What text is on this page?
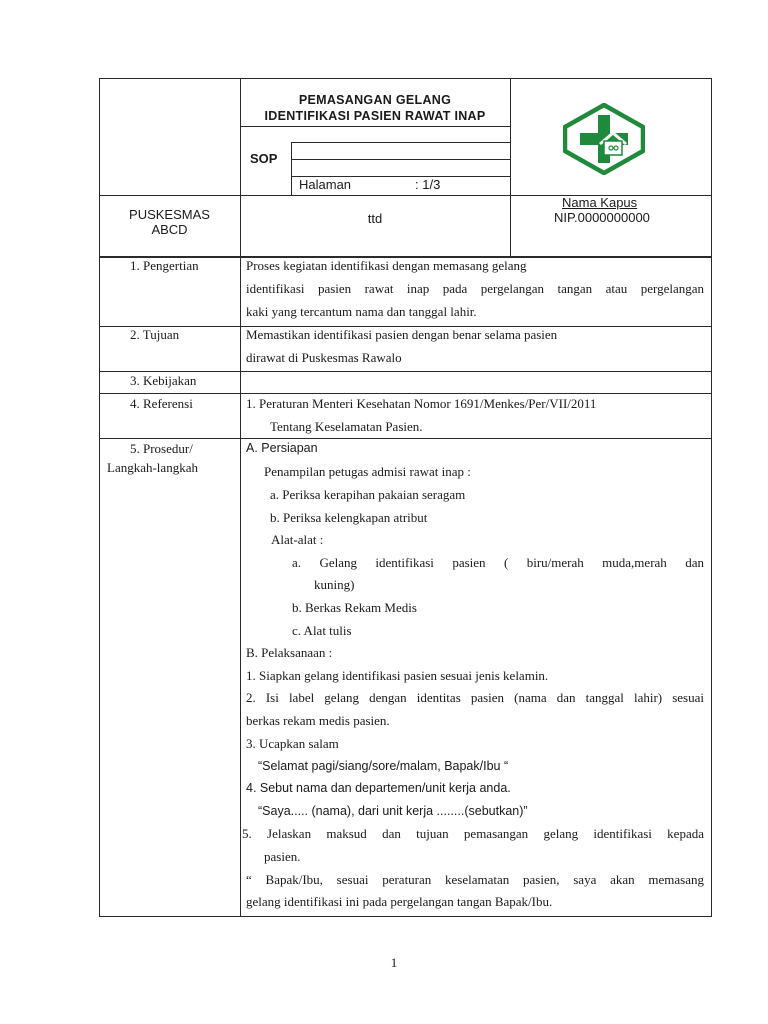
PEMASANGAN GELANG
IDENTIFIKASI PASIEN RAWAT INAP
SOP
Halaman	: 1/3
PUSKESMAS
ABCD
ttd
Nama Kapus
NIP.0000000000
1. Pengertian	Proses kegiatan identifikasi dengan memasang gelang
identifikasi pasien rawat inap pada pergelangan tangan atau pergelangan
kaki yang tercantum nama dan tanggal lahir.
2. Tujuan	Memastikan identifikasi pasien dengan benar selama pasien
dirawat di Puskesmas Rawalo
3. Kebijakan
4. Referensi	1. Peraturan Menteri Kesehatan Nomor 1691/Menkes/Per/VII/2011
Tentang Keselamatan Pasien.
5. Prosedur/
Langkah-langkah
A. Persiapan
Penampilan petugas admisi rawat inap :
a. Periksa kerapihan pakaian seragam
b. Periksa kelengkapan atribut
Alat-alat :
a. Gelang identifikasi pasien ( biru/merah muda,merah dan
kuning)
b. Berkas Rekam Medis
c. Alat tulis
B. Pelaksanaan :
1. Siapkan gelang identifikasi pasien sesuai jenis kelamin.
2. Isi label gelang dengan identitas pasien (nama dan tanggal lahir) sesuai
berkas rekam medis pasien.
3. Ucapkan salam
“Selamat pagi/siang/sore/malam, Bapak/Ibu “
4. Sebut nama dan departemen/unit kerja anda.
“Saya..... (nama), dari unit kerja ........(sebutkan)”
5. Jelaskan maksud dan tujuan pemasangan gelang identifikasi kepada
pasien.
“ Bapak/Ibu, sesuai peraturan keselamatan pasien, saya akan memasang
gelang identifikasi ini pada pergelangan tangan Bapak/Ibu.
1
